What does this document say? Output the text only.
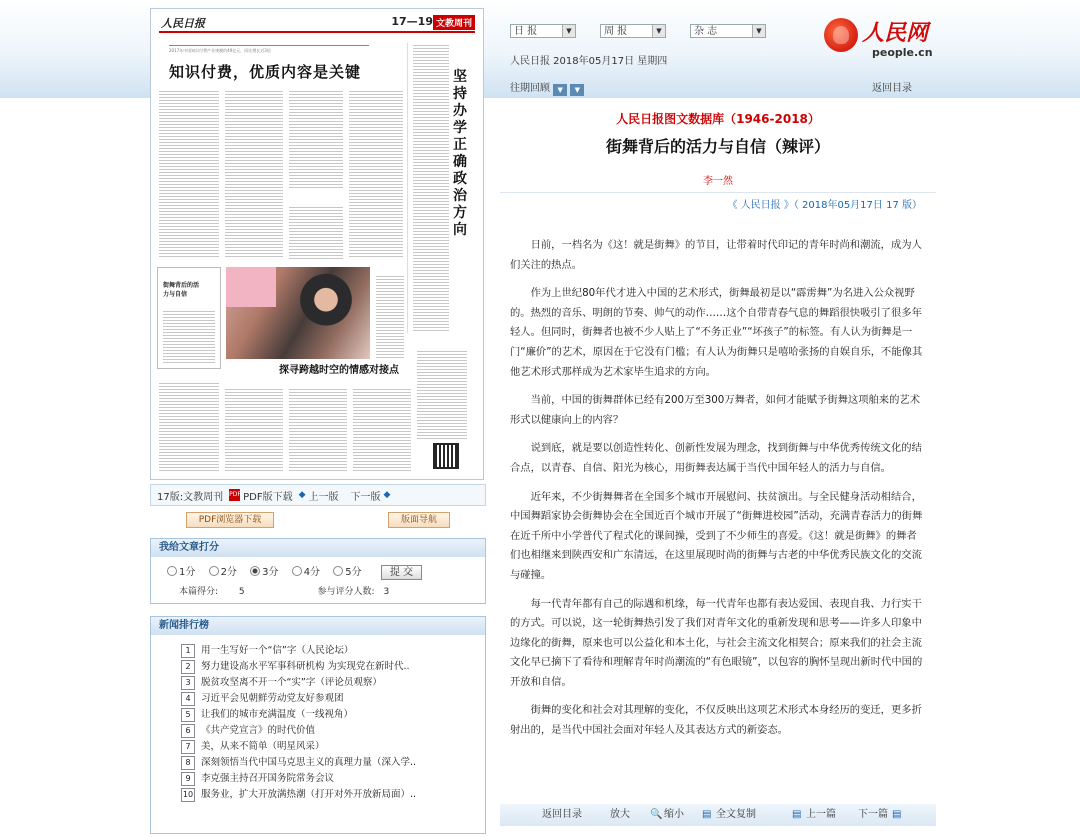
人民日报	17—19 文教周刊
2017年中国知识付费产业规模约49亿元，同比增长近3倍
知识付费，优质内容是关键	坚持办学正确政治方向
街舞背后的活力与自信
探寻跨越时空的情感对接点
17版:文教周刊 PDF PDF版下载 ◆ 上一版 下一版 ◆
PDF浏览器下载	版面导航
我给文章打分
1分	2分	3分	4分	5分	提 交
本篇得分: 5	参与评分人数: 3
新闻排行榜
1 用一生写好一个“信”字（人民论坛）
2 努力建设高水平军事科研机构 为实现党在新时代..
3 脱贫攻坚离不开一个“实”字（评论员观察）
4 习近平会见朝鲜劳动党友好参观团
5 让我们的城市充满温度（一线视角）
6 《共产党宣言》的时代价值
7 美，从来不简单（明星风采）
8 深刻领悟当代中国马克思主义的真理力量（深入学..
9 李克强主持召开国务院常务会议
10 服务业，扩大开放满热潮（打开对外开放新局面）..
日 报	▼	周 报	▼	杂 志	▼
人民日报 2018年05月17日 星期四
人民网
people.cn
往期回顾 ▼ ▼	返回目录
人民日报图文数据库（1946-2018）
街舞背后的活力与自信（辣评）
李一然
《 人民日报 》（ 2018年05月17日 17 版）

日前，一档名为《这！就是街舞》的节目，让带着时代印记的青年时尚和潮流，成为人们关注的热点。

作为上世纪80年代才进入中国的艺术形式，街舞最初是以“霹雳舞”为名进入公众视野的。热烈的音乐、明朗的节奏、帅气的动作……这个自带青春气息的舞蹈很快吸引了很多年轻人。但同时，街舞者也被不少人贴上了“不务正业”“坏孩子”的标签。有人认为街舞是一门“廉价”的艺术，原因在于它没有门槛；有人认为街舞只是嘻哈张扬的自娱自乐，不能像其他艺术形式那样成为艺术家毕生追求的方向。

当前，中国的街舞群体已经有200万至300万舞者，如何才能赋予街舞这项舶来的艺术形式以健康向上的内容？

说到底，就是要以创造性转化、创新性发展为理念，找到街舞与中华优秀传统文化的结合点，以青春、自信、阳光为核心，用街舞表达属于当代中国年轻人的活力与自信。

近年来，不少街舞舞者在全国多个城市开展慰问、扶贫演出。与全民健身活动相结合，中国舞蹈家协会街舞协会在全国近百个城市开展了“街舞进校园”活动，充满青春活力的街舞在近千所中小学普代了程式化的课间操，受到了不少师生的喜爱。《这！就是街舞》的舞者们也相继来到陕西安和广东清远，在这里展现时尚的街舞与古老的中华优秀民族文化的交流与碰撞。

每一代青年都有自己的际遇和机缘，每一代青年也都有表达爱国、表现自我、力行实干的方式。可以说，这一轮街舞热引发了我们对青年文化的重新发现和思考——许多人印象中边缘化的街舞，原来也可以公益化和本土化，与社会主流文化相契合；原来我们的社会主流文化早已摘下了看待和理解青年时尚潮流的“有色眼镜”，以包容的胸怀呈现出新时代中国的开放和自信。

街舞的变化和社会对其理解的变化，不仅反映出这项艺术形式本身经历的变迁，更多折射出的，是当代中国社会面对年轻人及其表达方式的新姿态。

返回目录	放大 🔍 缩小 ▤ 全文复制	▤ 上一篇 下一篇 ▤
